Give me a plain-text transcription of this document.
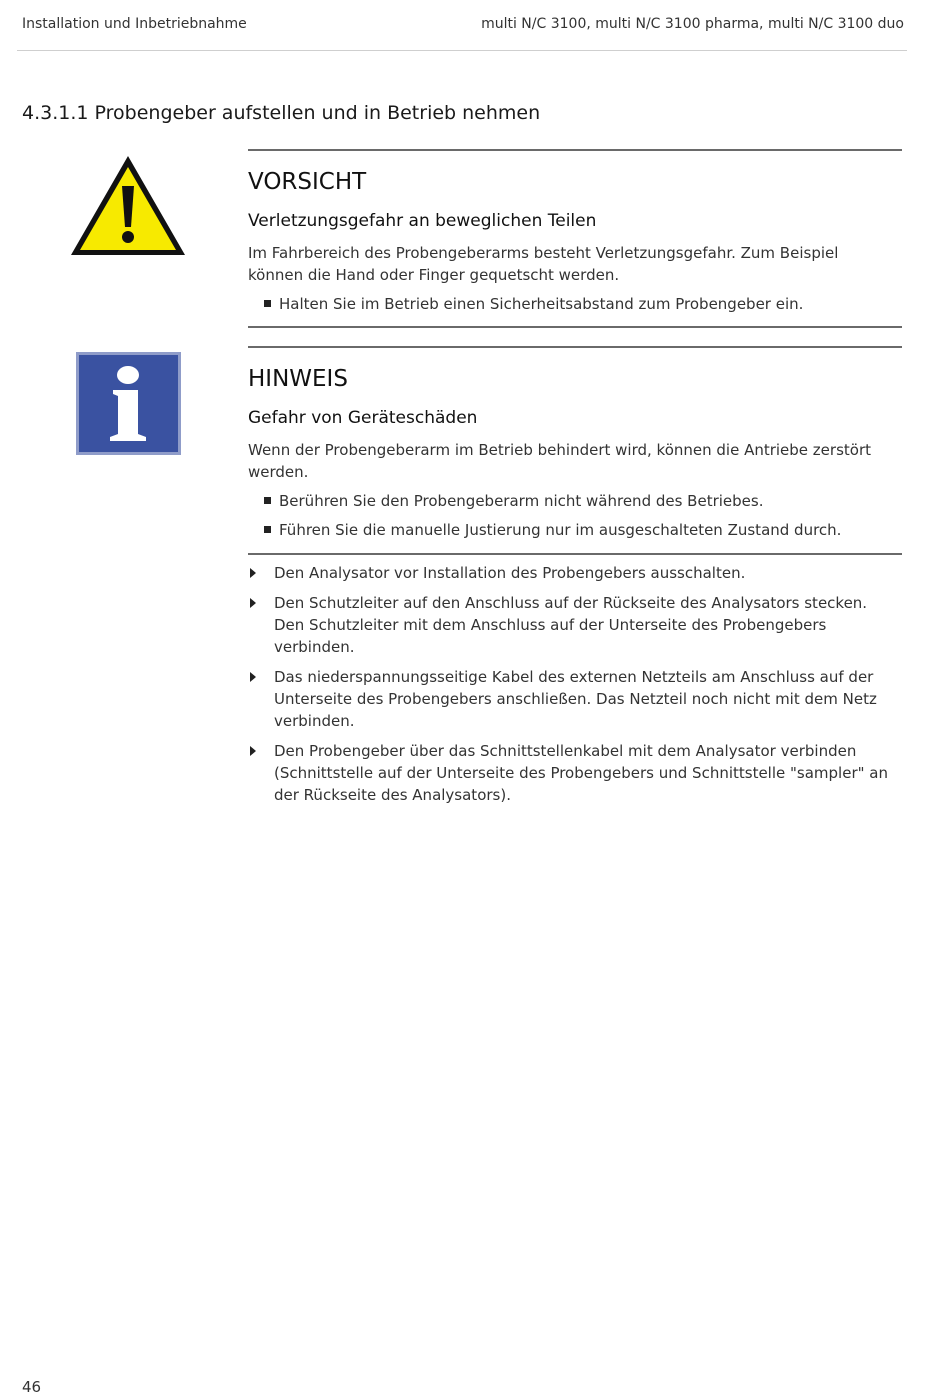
Installation und Inbetriebnahme	multi N/C 3100, multi N/C 3100 pharma, multi N/C 3100 duo
4.3.1.1 Probengeber aufstellen und in Betrieb nehmen
VORSICHT
Verletzungsgefahr an beweglichen Teilen
Im Fahrbereich des Probengeberarms besteht Verletzungsgefahr. Zum Beispiel können die Hand oder Finger gequetscht werden.
Halten Sie im Betrieb einen Sicherheitsabstand zum Probengeber ein.
HINWEIS
Gefahr von Geräteschäden
Wenn der Probengeberarm im Betrieb behindert wird, können die Antriebe zerstört werden.
Berühren Sie den Probengeberarm nicht während des Betriebes.
Führen Sie die manuelle Justierung nur im ausgeschalteten Zustand durch.
Den Analysator vor Installation des Probengebers ausschalten.
Den Schutzleiter auf den Anschluss auf der Rückseite des Analysators stecken. Den Schutzleiter mit dem Anschluss auf der Unterseite des Probengebers verbinden.
Das niederspannungsseitige Kabel des externen Netzteils am Anschluss auf der Unterseite des Probengebers anschließen. Das Netzteil noch nicht mit dem Netz verbinden.
Den Probengeber über das Schnittstellenkabel mit dem Analysator verbinden (Schnittstelle auf der Unterseite des Probengebers und Schnittstelle "sampler" an der Rückseite des Analysators).
46
